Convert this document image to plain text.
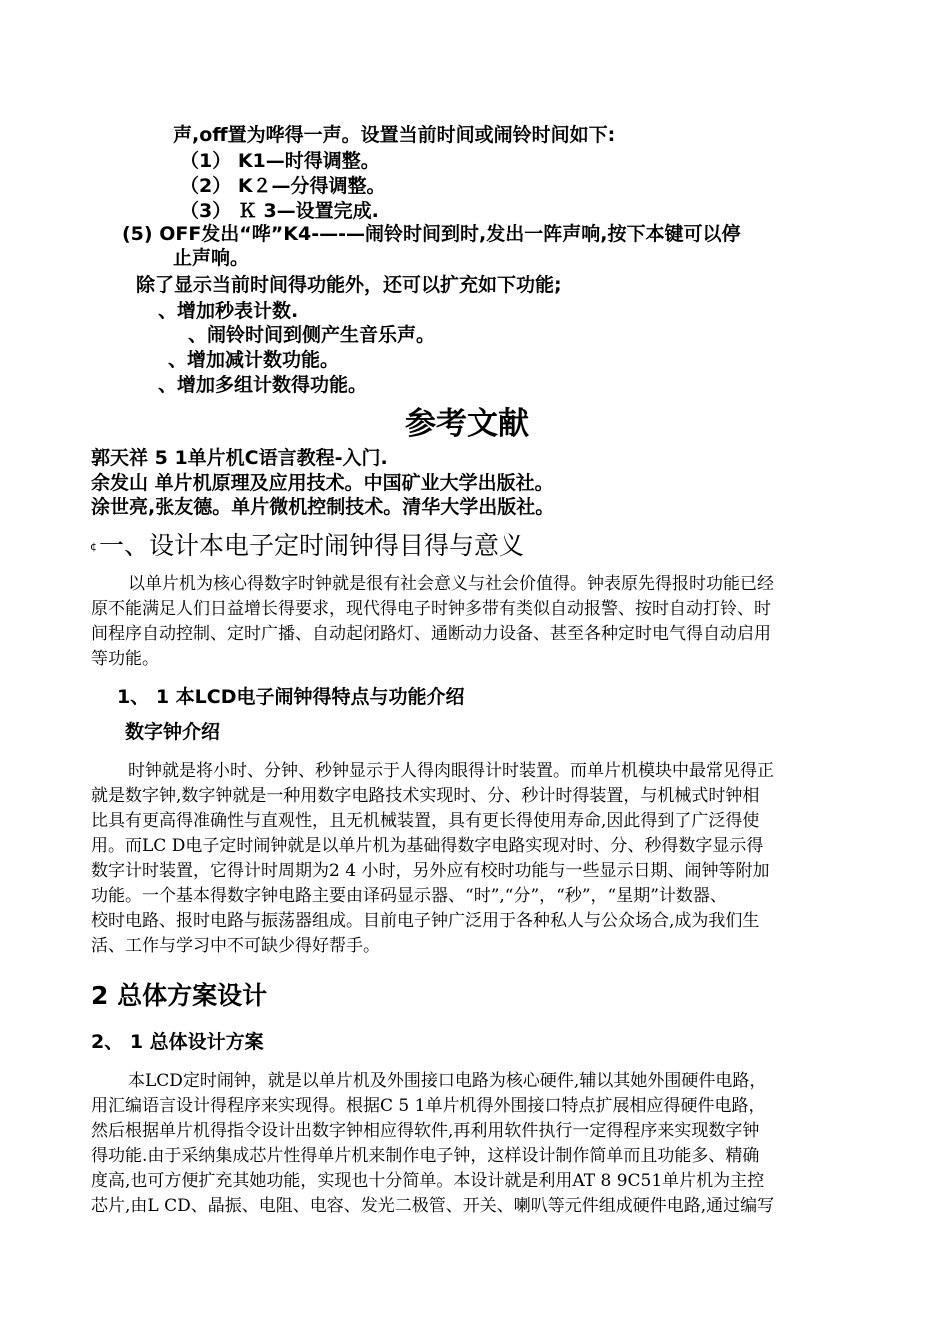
声,off置为哗得一声。设置当前时间或闹铃时间如下:
（1） K1—时得调整。
（2） K２—分得调整。
（3） Ｋ 3—设置完成.
(5) OFF发出“哗”K4-—-—闹铃时间到时,发出一阵声响,按下本键可以停
止声响。
除了显示当前时间得功能外，还可以扩充如下功能;
、增加秒表计数.
、闹铃时间到侧产生音乐声。
、增加减计数功能。
、增加多组计数得功能。
参考文献
郭天祥 5 1单片机C语言教程-入门.
余发山 单片机原理及应用技术。中国矿业大学出版社。
涂世亮,张友德。单片微机控制技术。清华大学出版社。
¢ 一、设计本电子定时闹钟得目得与意义
以单片机为核心得数字时钟就是很有社会意义与社会价值得。钟表原先得报时功能已经
原不能满足人们日益增长得要求，现代得电子时钟多带有类似自动报警、按时自动打铃、时
间程序自动控制、定时广播、自动起闭路灯、通断动力设备、甚至各种定时电气得自动启用
等功能。
1、 1 本LCD电子闹钟得特点与功能介绍
数字钟介绍
时钟就是将小时、分钟、秒钟显示于人得肉眼得计时装置。而单片机模块中最常见得正
就是数字钟,数字钟就是一种用数字电路技术实现时、分、秒计时得装置，与机械式时钟相
比具有更高得准确性与直观性，且无机械装置，具有更长得使用寿命,因此得到了广泛得使
用。而LC D电子定时闹钟就是以单片机为基础得数字电路实现对时、分、秒得数字显示得
数字计时装置，它得计时周期为2 4 小时，另外应有校时功能与一些显示日期、闹钟等附加
功能。一个基本得数字钟电路主要由译码显示器、“时”,“分”，“秒”，“星期”计数器、
校时电路、报时电路与振荡器组成。目前电子钟广泛用于各种私人与公众场合,成为我们生
活、工作与学习中不可缺少得好帮手。
2 总体方案设计
2、 1 总体设计方案
本LCD定时闹钟，就是以单片机及外围接口电路为核心硬件,辅以其她外围硬件电路，
用汇编语言设计得程序来实现得。根据C 5 1单片机得外围接口特点扩展相应得硬件电路，
然后根据单片机得指令设计出数字钟相应得软件,再利用软件执行一定得程序来实现数字钟
得功能.由于采纳集成芯片性得单片机来制作电子钟，这样设计制作简单而且功能多、精确
度高,也可方便扩充其她功能，实现也十分简单。本设计就是利用AT 8 9C51单片机为主控
芯片,由L CD、晶振、电阻、电容、发光二极管、开关、喇叭等元件组成硬件电路,通过编写
